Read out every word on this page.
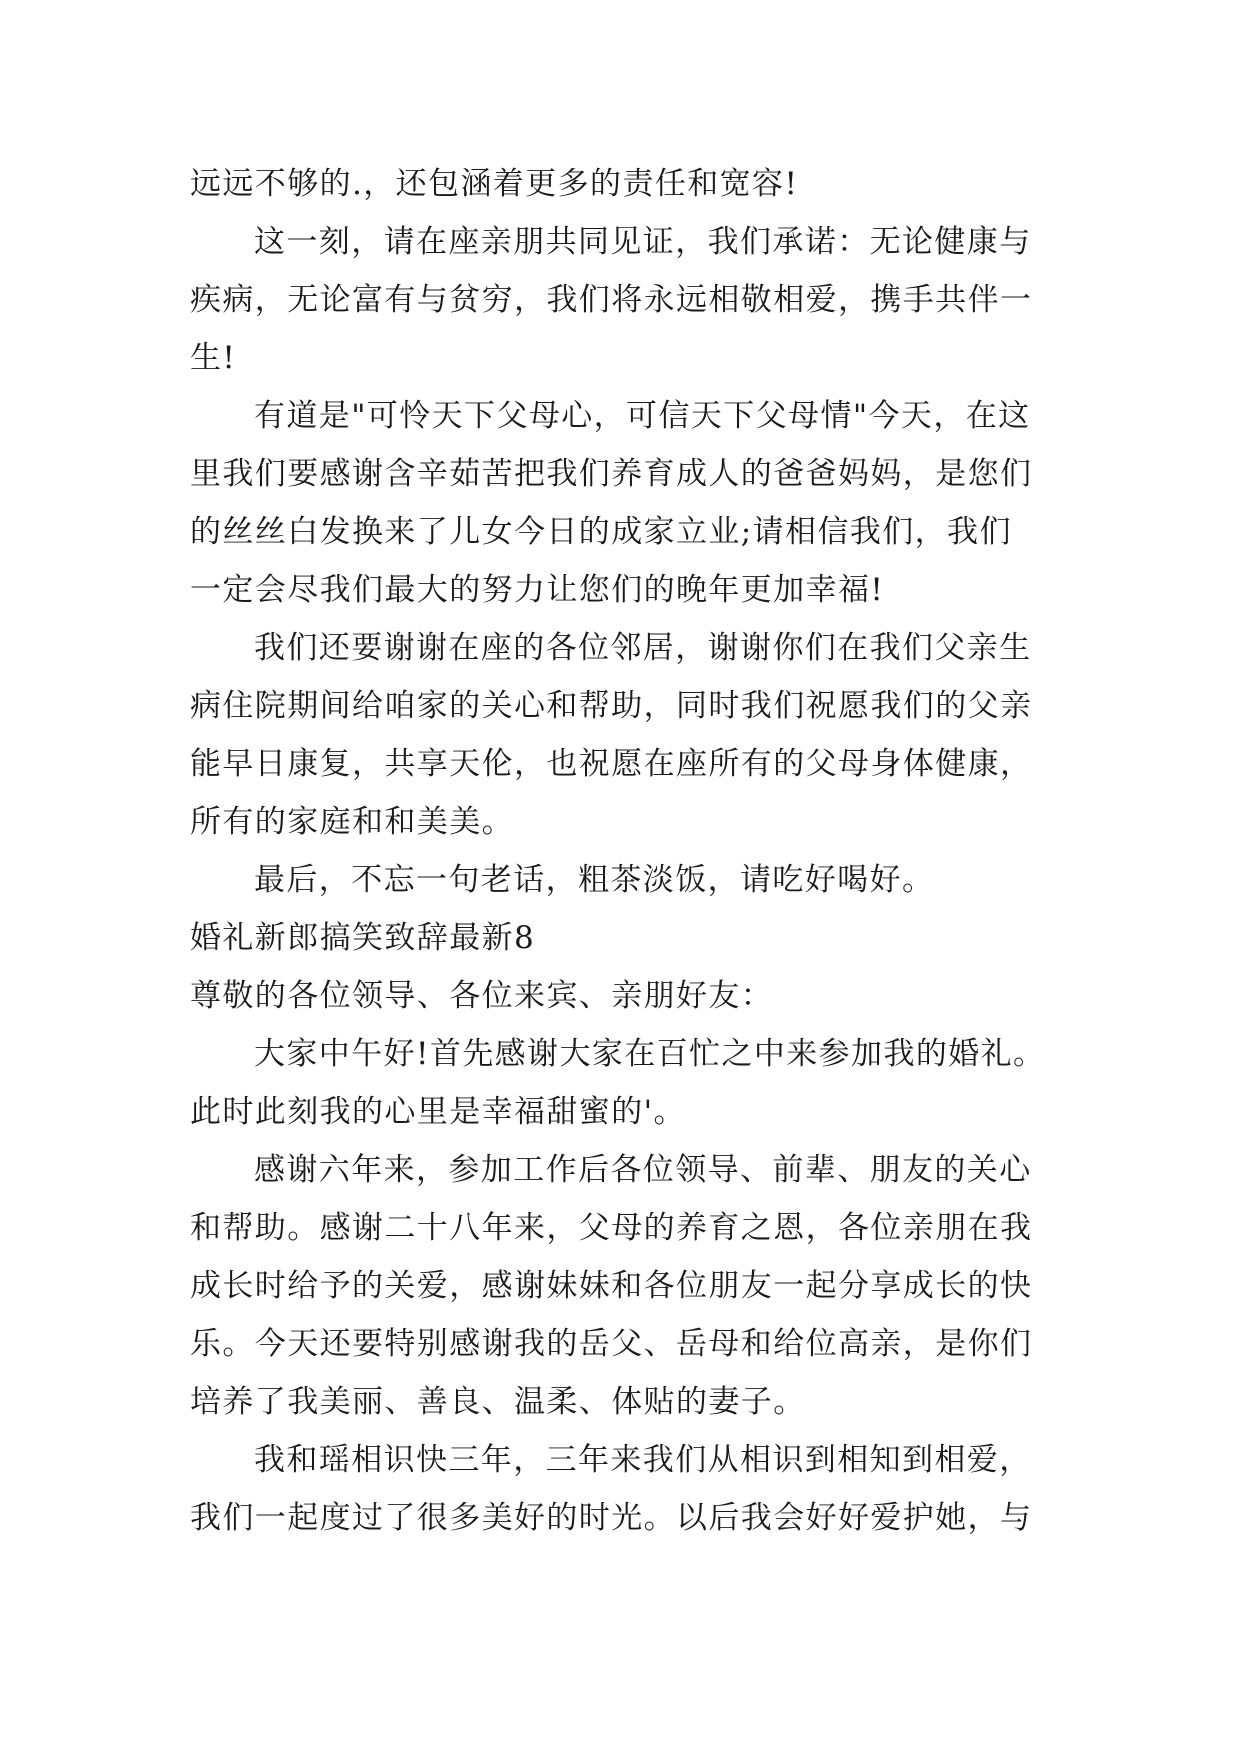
远远不够的.，还包涵着更多的责任和宽容!
这一刻，请在座亲朋共同见证，我们承诺：无论健康与
疾病，无论富有与贫穷，我们将永远相敬相爱，携手共伴一
生!
有道是"可怜天下父母心，可信天下父母情"今天，在这
里我们要感谢含辛茹苦把我们养育成人的爸爸妈妈，是您们
的丝丝白发换来了儿女今日的成家立业;请相信我们，我们
一定会尽我们最大的努力让您们的晚年更加幸福!
我们还要谢谢在座的各位邻居，谢谢你们在我们父亲生
病住院期间给咱家的关心和帮助，同时我们祝愿我们的父亲
能早日康复，共享天伦，也祝愿在座所有的父母身体健康，
所有的家庭和和美美。
最后，不忘一句老话，粗茶淡饭，请吃好喝好。
婚礼新郎搞笑致辞最新8
尊敬的各位领导、各位来宾、亲朋好友：
大家中午好!首先感谢大家在百忙之中来参加我的婚礼。
此时此刻我的心里是幸福甜蜜的'。
感谢六年来，参加工作后各位领导、前辈、朋友的关心
和帮助。感谢二十八年来，父母的养育之恩，各位亲朋在我
成长时给予的关爱，感谢妹妹和各位朋友一起分享成长的快
乐。今天还要特别感谢我的岳父、岳母和给位高亲，是你们
培养了我美丽、善良、温柔、体贴的妻子。
我和瑶相识快三年，三年来我们从相识到相知到相爱，
我们一起度过了很多美好的时光。以后我会好好爱护她，与
